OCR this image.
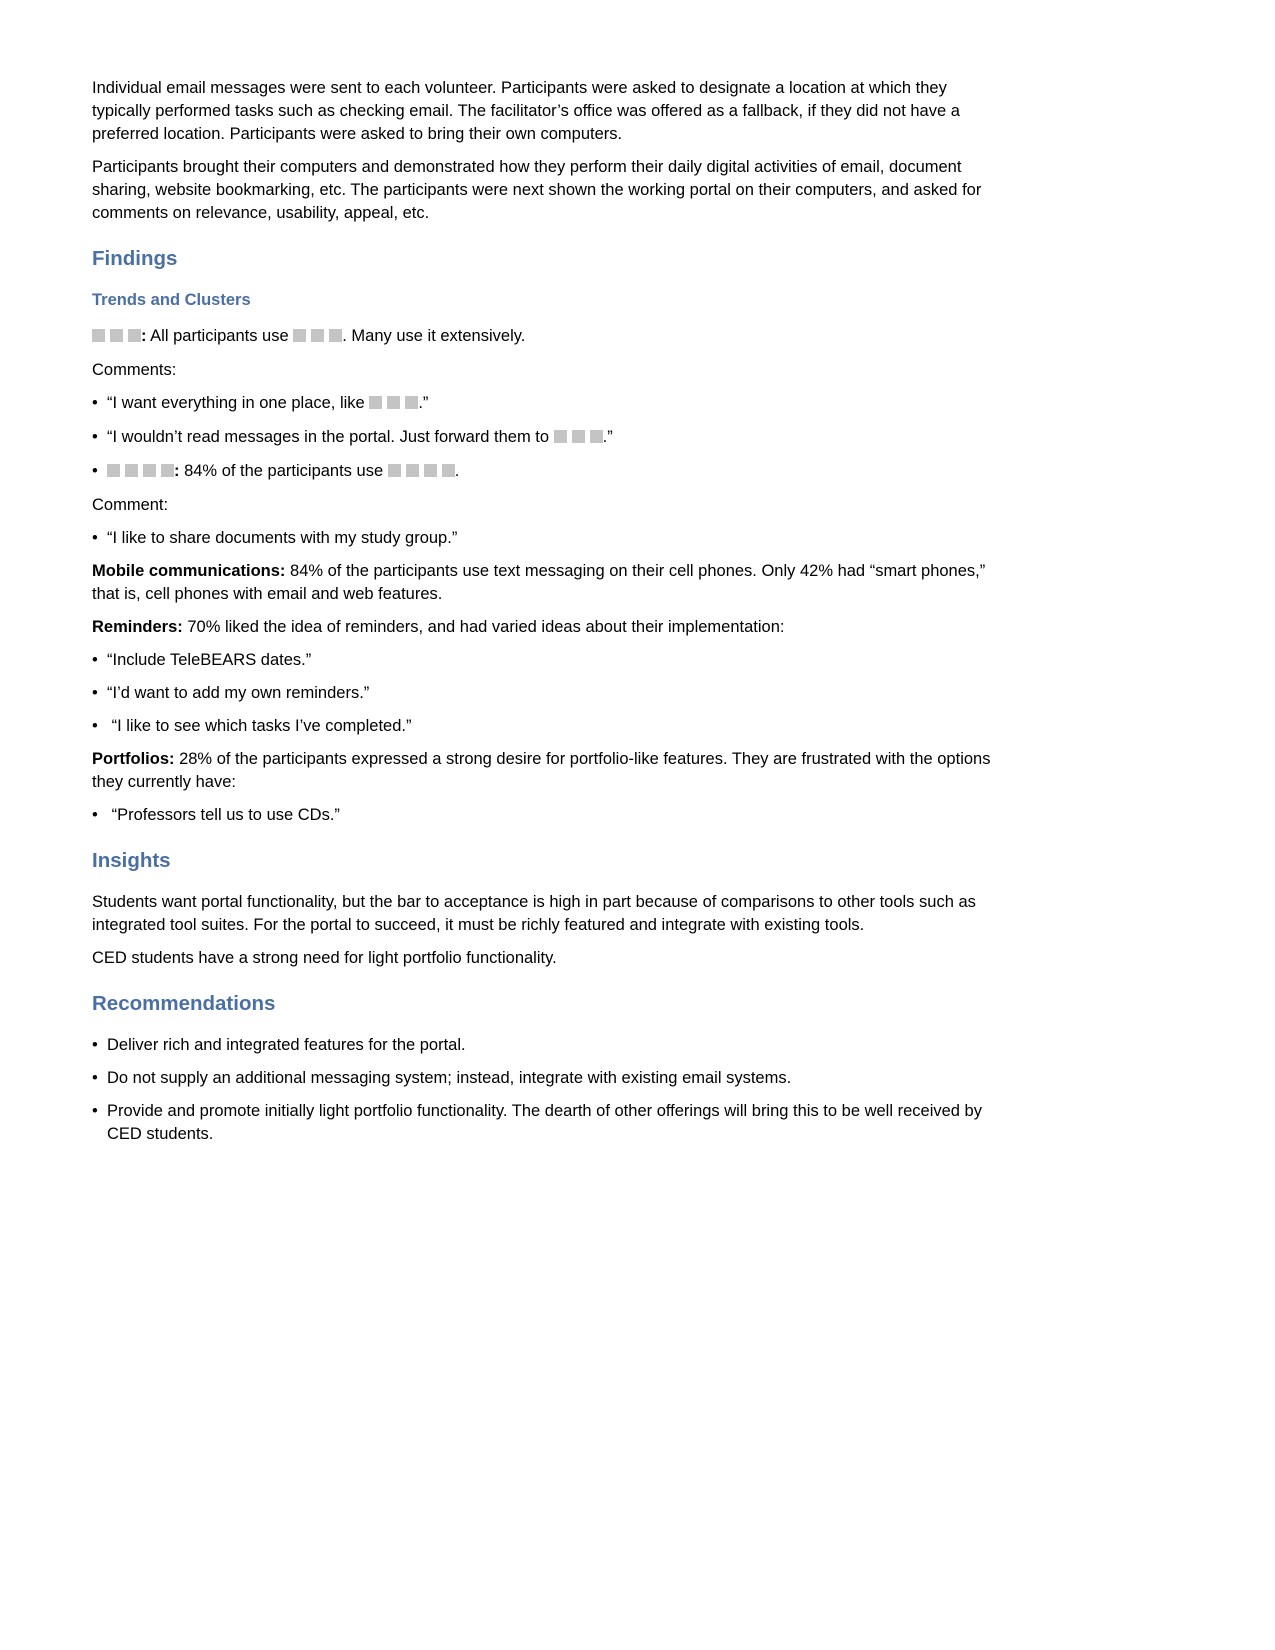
Individual email messages were sent to each volunteer. Participants were asked to designate a location at which they typically performed tasks such as checking email. The facilitator’s office was offered as a fallback, if they did not have a preferred location. Participants were asked to bring their own computers.

Participants brought their computers and demonstrated how they perform their daily digital activities of email, document sharing, website bookmarking, etc. The participants were next shown the working portal on their computers, and asked for comments on relevance, usability, appeal, etc.

Findings
Trends and Clusters

: All participants use	. Many use it extensively.

Comments:

• “I want everything in one place, like	.”
• “I wouldn’t read messages in the portal. Just forward them to	.”
•	: 84% of the participants use	.

Comment:

• “I like to share documents with my study group.”

Mobile communications: 84% of the participants use text messaging on their cell phones. Only 42% had “smart phones,” that is, cell phones with email and web features.

Reminders: 70% liked the idea of reminders, and had varied ideas about their implementation:

• “Include TeleBEARS dates.”
• “I’d want to add my own reminders.”
• “I like to see which tasks I’ve completed.”

Portfolios: 28% of the participants expressed a strong desire for portfolio-like features. They are frustrated with the options they currently have:

• “Professors tell us to use CDs.”
Insights

Students want portal functionality, but the bar to acceptance is high in part because of comparisons to other tools such as integrated tool suites. For the portal to succeed, it must be richly featured and integrate with existing tools.

CED students have a strong need for light portfolio functionality.

Recommendations
• Deliver rich and integrated features for the portal.
• Do not supply an additional messaging system; instead, integrate with existing email systems.
• Provide and promote initially light portfolio functionality. The dearth of other offerings will bring this to be well received by CED students.
